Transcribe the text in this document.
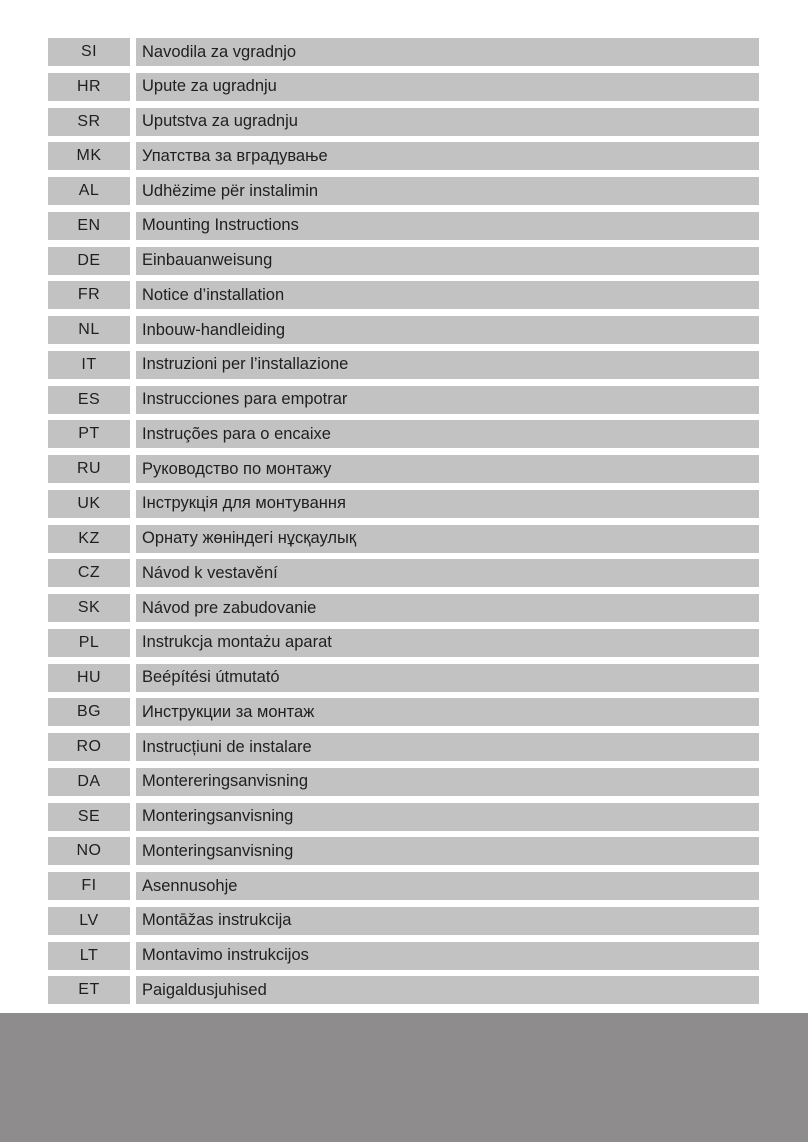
SI	Navodila za vgradnjo
HR	Upute za ugradnju
SR	Uputstva za ugradnju
MK	Упатства за вградување
AL	Udhëzime për instalimin
EN	Mounting Instructions
DE	Einbauanweisung
FR	Notice d’installation
NL	Inbouw-handleiding
IT	Instruzioni per l’installazione
ES	Instrucciones para empotrar
PT	Instruções para o encaixe
RU	Руководство по монтажу
UK	Інструкція для монтування
KZ	Орнату жөніндегі нұсқаулық
CZ	Návod k vestavění
SK	Návod pre zabudovanie
PL	Instrukcja montażu aparat
HU	Beépítési útmutató
BG	Инструкции за монтаж
RO	Instrucțiuni de instalare
DA	Montereringsanvisning
SE	Monteringsanvisning
NO	Monteringsanvisning
FI	Asennusohje
LV	Montāžas instrukcija
LT	Montavimo instrukcijos
ET	Paigaldusjuhised
